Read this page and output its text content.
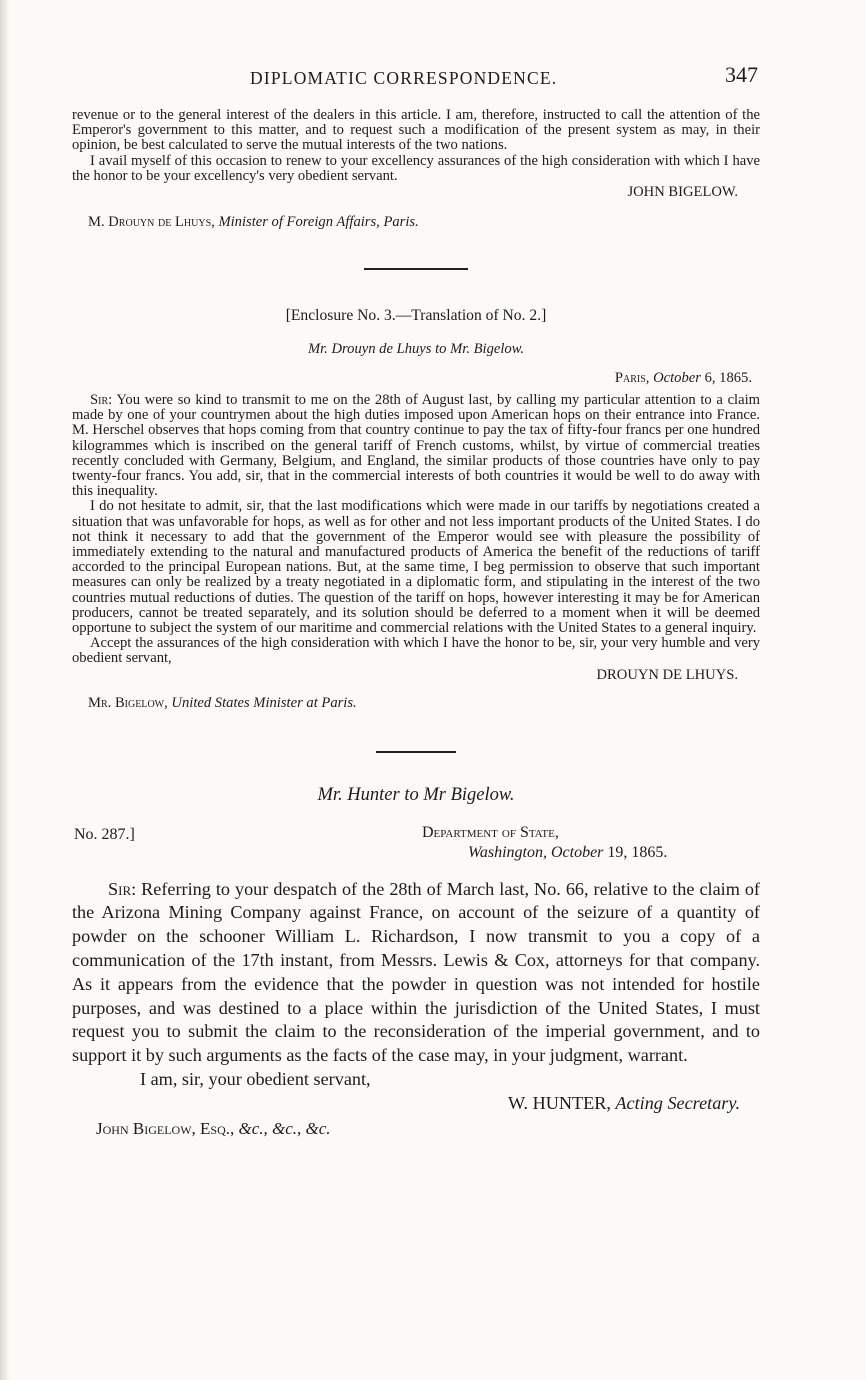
DIPLOMATIC CORRESPONDENCE.	347

revenue or to the general interest of the dealers in this article. I am, therefore, instructed to call the attention of the Emperor's government to this matter, and to request such a modification of the present system as may, in their opinion, be best calculated to serve the mutual interests of the two nations.

I avail myself of this occasion to renew to your excellency assurances of the high consideration with which I have the honor to be your excellency's very obedient servant.

JOHN BIGELOW.

M. Drouyn de Lhuys, Minister of Foreign Affairs, Paris.

[Enclosure No. 3.—Translation of No. 2.]

Mr. Drouyn de Lhuys to Mr. Bigelow.

Paris, October 6, 1865.

Sir: You were so kind to transmit to me on the 28th of August last, by calling my particular attention to a claim made by one of your countrymen about the high duties imposed upon American hops on their entrance into France. M. Herschel observes that hops coming from that country continue to pay the tax of fifty-four francs per one hundred kilogrammes which is inscribed on the general tariff of French customs, whilst, by virtue of commercial treaties recently concluded with Germany, Belgium, and England, the similar products of those countries have only to pay twenty-four francs. You add, sir, that in the commercial interests of both countries it would be well to do away with this inequality.

I do not hesitate to admit, sir, that the last modifications which were made in our tariffs by negotiations created a situation that was unfavorable for hops, as well as for other and not less important products of the United States. I do not think it necessary to add that the government of the Emperor would see with pleasure the possibility of immediately extending to the natural and manufactured products of America the benefit of the reductions of tariff accorded to the principal European nations. But, at the same time, I beg permission to observe that such important measures can only be realized by a treaty negotiated in a diplomatic form, and stipulating in the interest of the two countries mutual reductions of duties. The question of the tariff on hops, however interesting it may be for American producers, cannot be treated separately, and its solution should be deferred to a moment when it will be deemed opportune to subject the system of our maritime and commercial relations with the United States to a general inquiry.

Accept the assurances of the high consideration with which I have the honor to be, sir, your very humble and very obedient servant,

DROUYN DE LHUYS.

Mr. Bigelow, United States Minister at Paris.

Mr. Hunter to Mr Bigelow.

No. 287.]	Department of State,
Washington, October 19, 1865.

Sir: Referring to your despatch of the 28th of March last, No. 66, relative to the claim of the Arizona Mining Company against France, on account of the seizure of a quantity of powder on the schooner William L. Richardson, I now transmit to you a copy of a communication of the 17th instant, from Messrs. Lewis & Cox, attorneys for that company. As it appears from the evidence that the powder in question was not intended for hostile purposes, and was destined to a place within the jurisdiction of the United States, I must request you to submit the claim to the reconsideration of the imperial government, and to support it by such arguments as the facts of the case may, in your judgment, warrant.

I am, sir, your obedient servant,

W. HUNTER, Acting Secretary.

John Bigelow, Esq., &c., &c., &c.
